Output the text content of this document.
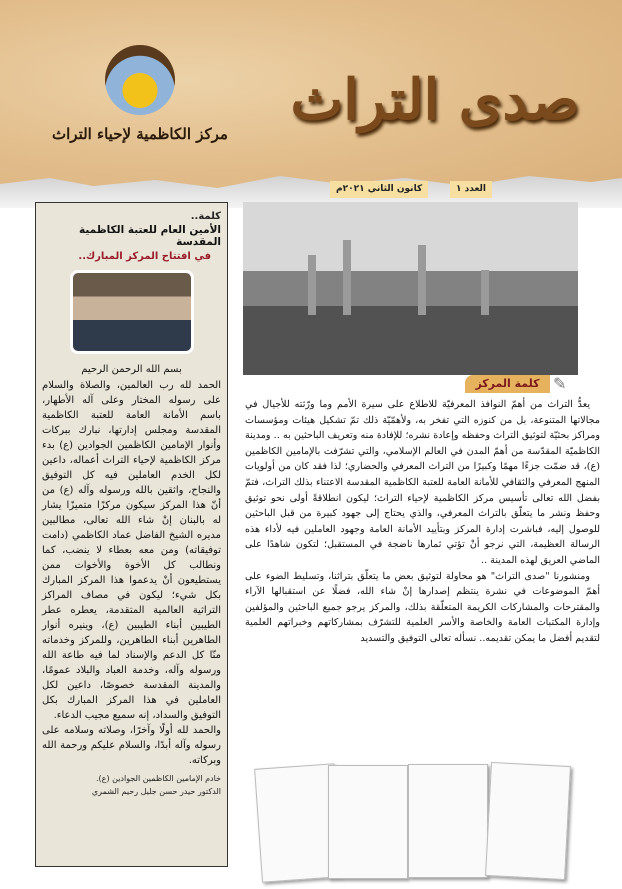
مركز الكاظمية لإحياء التراث
صدى التراث
العدد ١
كانون الثاني ٢٠٢١م
كلمة..
الأمين العام للعتبة الكاظمية المقدسة
في افتتاح المركز المبارك..
بسم الله الرحمن الرحيم

الحمد لله رب العالمين، والصلاة والسلام على رسوله المختار وعلى آله الأطهار، باسم الأمانة العامة للعتبة الكاظمية المقدسة ومجلس إدارتها، نبارك ببركات وأنوار الإمامين الكاظمين الجوادين (ع) بدء مركز الكاظمية لإحياء التراث أعماله، داعين لكل الخدم العاملين فيه كل التوفيق والنجاح، واثقين بالله ورسوله وآله (ع) من أنّ هذا المركز سيكون مركزًا متميزًا يشار له بالبنان إنْ شاء الله تعالى، مطالبين مديره الشيخ الفاضل عماد الكاظمي (دامت توفيقاته) ومن معه بعطاء لا ينضب، كما ونطالب كل الأخوة والأخوات ممن يستطيعون أنْ يدعموا هذا المركز المبارك بكل شيء؛ ليكون في مصاف المراكز التراثية العالمية المتقدمة، يعطره عطر الطيبين أبناء الطيبين (ع)، وينيره أنوار الطاهرين أبناء الطاهرين، وللمركز وخدماته منّا كل الدعم والإسناد لما فيه طاعة الله ورسوله وآله، وخدمة العباد والبلاد عمومًا، والمدينة المقدسة خصوصًا، داعين لكل العاملين في هذا المركز المبارك بكل التوفيق والسداد، إنه سميع مجيب الدعاء.

والحمد لله أولًا وآخرًا، وصلاته وسلامه على رسوله وآله أبدًا، والسلام عليكم ورحمة الله وبركاته.

خادم الإمامين الكاظمين الجوادين (ع).
الدكتور حيدر حسن جليل رحيم الشمري
✎
كلمة المركز

يعدُّ التراث من أهمّ النوافذ المعرفيّة للاطلاع على سيرة الأمم وما ورّثته للأجيال في مجالاتها المتنوعة، بل من كنوزه التي تفخر به، ولأهمّيّة ذلك تمّ تشكيل هيئات ومؤسسات ومراكز بحثيّة لتوثيق التراث وحفظه وإعادة نشره؛ للإفادة منه وتعريف الباحثين به .. ومدينة الكاظميّة المقدّسة من أهمّ المدن في العالم الإسلامي، والتي تشرّفت بالإمامين الكاظمين (ع)، قد ضمّت جزءًا مهمًا وكبيرًا من التراث المعرفي والحضاري؛ لذا فقد كان من أولويات المنهج المعرفي والثقافي للأمانة العامة للعتبة الكاظمية المقدسة الاعتناء بذلك التراث، فتمّ بفضل الله تعالى تأسيس مركز الكاظمية لإحياء التراث؛ ليكون انطلاقةً أولى نحو توثيق وحفظ ونشر ما يتعلّق بالتراث المعرفي، والذي يحتاج إلى جهود كبيرة من قبل الباحثين للوصول إليه، فباشرت إدارة المركز وبتأييد الأمانة العامة وجهود العاملين فيه لأداء هذه الرسالة العظيمة، التي نرجو أنْ تؤتي ثمارها ناضجة في المستقبل؛ لتكون شاهدًا على الماضي العريق لهذه المدينة ..

ومنشورنا "صدى التراث" هو محاولة لتوثيق بعض ما يتعلّق بتراثنا، وتسليط الضوء على أهمّ الموضوعات في نشرة ينتظم إصدارها إنْ شاء الله، فضلًا عن استقبالها الآراء والمقترحات والمشاركات الكريمة المتعلّقة بذلك، والمركز يرجو جميع الباحثين والمؤلفين وإدارة المكتبات العامة والخاصة والأسر العلمية للتشرّف بمشاركاتهم وخبراتهم العلمية لتقديم أفضل ما يمكن تقديمه.. نسأله تعالى التوفيق والتسديد
